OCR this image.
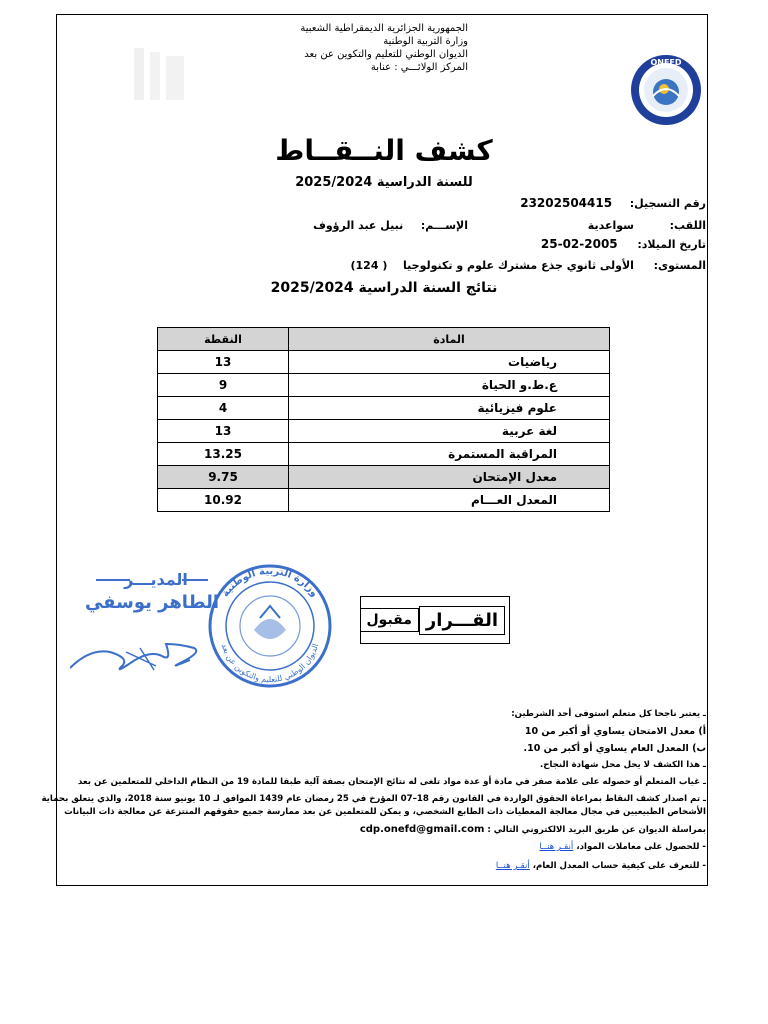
الجمهورية الجزائرية الديمقراطية الشعبية
وزارة التربية الوطنية
الديوان الوطني للتعليم والتكوين عن بعد
المركز الولائـــي : عنابة	ONEFD
كشف النــقــاط
للسنة الدراسية 2025/2024
رقم التسجيل:  23202504415
اللقب:  سواعدية
الإســـم:  نبيل عبد الرؤوف
تاريخ الميلاد:  2005-02-25
المستوى:  الأولى ثانوي جذع مشترك علوم و تكنولوجيا  ( 124)
نتائج السنة الدراسية 2025/2024
المادة	النقطة
رياضيات	13
ع.ط.و الحياة	9
علوم فيزيائية	4
لغة عربية	13
المراقبة المستمرة	13.25
معدل الإمتحان	9.75
المعدل العـــام	10.92
وزارة التربية الوطنية
الديوان الوطني للتعليم والتكوين عن بعد
المديـــر
الطاهر يوسفي
القـــرار
مقبول
ـ يعتبر ناجحا كل متعلم استوفى أحد الشرطين:
أ) معدل الامتحان يساوي أو أكبر من 10
ب) المعدل العام يساوي أو أكبر من 10.
ـ هذا الكشف لا يحل محل شهادة النجاح.
ـ غياب المتعلم أو حصوله على علامة صفر في مادة أو عدة مواد تلغى له نتائج الإمتحان بصفة آلية طبقا للمادة 19 من النظام الداخلي للمتعلمين عن بعد
ـ تم اصدار كشف النقاط بمراعاة الحقوق الواردة في القانون رقم 18–07 المؤرخ في 25 رمضان عام 1439 الموافق لـ 10 يونيو سنة 2018، والذي يتعلق بحماية
الأشخاص الطبيعيين في مجال معالجة المعطيات ذات الطابع الشخصي، و يمكن للمتعلمين عن بعد ممارسة جميع حقوقهم المنتزعة عن معالجة ذات البيانات
بمراسلة الديوان عن طريق البريد الالكتروني التالي : cdp.onefd@gmail.com
- للحصول على معاملات المواد، أنقـر هنــا
- للتعرف على كيفية حساب المعدل العام، أنقـر هنــا
